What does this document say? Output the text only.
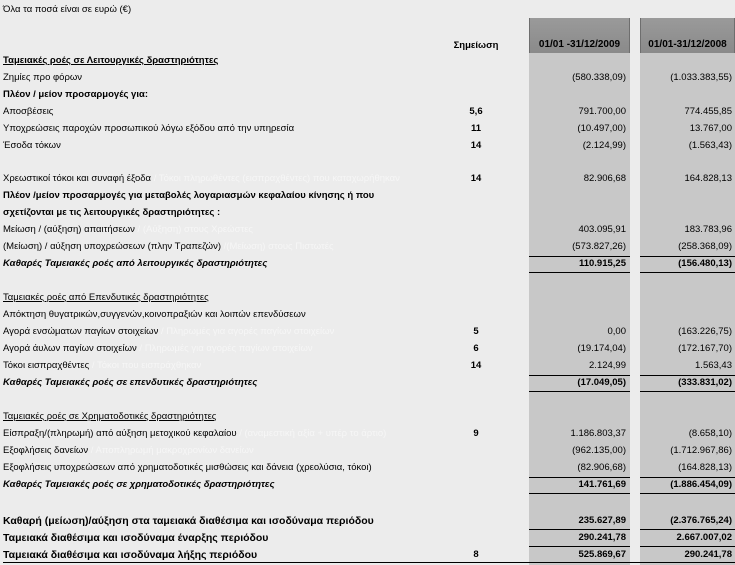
Όλα τα ποσά είναι σε ευρώ (€)
Σημείωση	01/01 -31/12/2009	01/01-31/12/2008
Ταμειακές ροές σε Λειτουργικές δραστηριότητες
Ζημίες προ φόρων	(580.338,09)	(1.033.383,55)
Πλέον / μείον προσαρμογές για:
Αποσβέσεις	5,6	791.700,00	774.455,85
Υποχρεώσεις παροχών προσωπικού λόγω εξόδου από την υπηρεσία	11	(10.497,00)	13.767,00
Έσοδα τόκων	14	(2.124,99)	(1.563,43)
Χρεωστικοί τόκοι και συναφή έξοδα / Τόκοι πληρωθέντες (εισπραχθέντες) που καταχωρήθηκαν	14	82.906,68	164.828,13
Πλέον /μείον προσαρμογές για μεταβολές λογαριασμών κεφαλαίου κίνησης ή που
σχετίζονται με τις λειτουργικές δραστηριότητες :
Μείωση / (αύξηση) απαιτήσεων / (Αύξηση) στους Χρεώστες	403.095,91	183.783,96
(Μείωση) / αύξηση υποχρεώσεων (πλην Τραπεζών) /(Μείωση) στους Πιστωτές	(573.827,26)	(258.368,09)
Καθαρές Ταμειακές ροές από λειτουργικές δραστηριότητες	110.915,25	(156.480,13)
Ταμειακές ροές από Επενδυτικές δραστηριότητες
Απόκτηση θυγατρικών,συγγενών,κοινοπραξιών και λοιπών επενδύσεων
Αγορά ενσώματων παγίων στοιχείων / Πληρωμές για αγορές παγίων στοιχείων	5	0,00	(163.226,75)
Αγορά άυλων παγίων στοιχείων / Πληρωμές για αγορές παγίων στοιχείων	6	(19.174,04)	(172.167,70)
Τόκοι εισπραχθέντες / Τόκοι που εισπράχθηκαν	14	2.124,99	1.563,43
Καθαρές Ταμειακές ροές σε επενδυτικές δραστηριότητες	(17.049,05)	(333.831,02)
Ταμειακές ροές σε Χρηματοδοτικές δραστηριότητες
Είσπραξη/(πληρωμή) από αύξηση μετοχικού κεφαλαίου / (αναμεστική αξία + υπέρ το άρτιο)	9	1.186.803,37	(8.658,10)
Εξοφλήσεις δανείων / Αποπληρωμή μακροχρονίων δανείων	(962.135,00)	(1.712.967,86)
Εξοφλήσεις υποχρεώσεων από χρηματοδοτικές μισθώσεις και δάνεια (χρεολύσια, τόκοι)	(82.906,68)	(164.828,13)
Καθαρές Ταμειακές ροές σε χρηματοδοτικές δραστηριότητες	141.761,69	(1.886.454,09)
Καθαρή (μείωση)/αύξηση στα ταμειακά διαθέσιμα και ισοδύναμα περιόδου	235.627,89	(2.376.765,24)
Ταμειακά διαθέσιμα και ισοδύναμα έναρξης περιόδου	290.241,78	2.667.007,02
Ταμειακά διαθέσιμα και ισοδύναμα λήξης περιόδου	8	525.869,67	290.241,78
